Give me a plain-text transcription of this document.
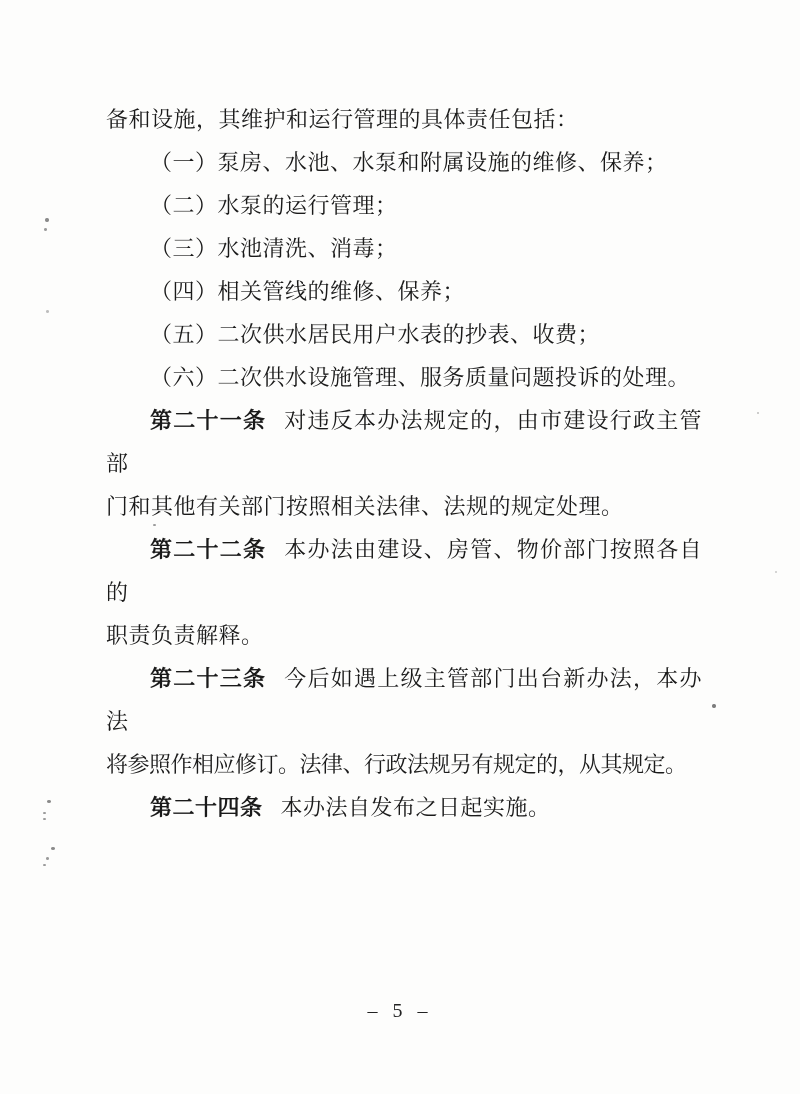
备和设施，其维护和运行管理的具体责任包括：

（一）泵房、水池、水泵和附属设施的维修、保养；

（二）水泵的运行管理；

（三）水池清洗、消毒；

（四）相关管线的维修、保养；

（五）二次供水居民用户水表的抄表、收费；

（六）二次供水设施管理、服务质量问题投诉的处理。

第二十一条 对违反本办法规定的，由市建设行政主管部

门和其他有关部门按照相关法律、法规的规定处理。

第二十二条 本办法由建设、房管、物价部门按照各自的

职责负责解释。

第二十三条 今后如遇上级主管部门出台新办法，本办法

将参照作相应修订。法律、行政法规另有规定的，从其规定。

第二十四条 本办法自发布之日起实施。

– 5 –
